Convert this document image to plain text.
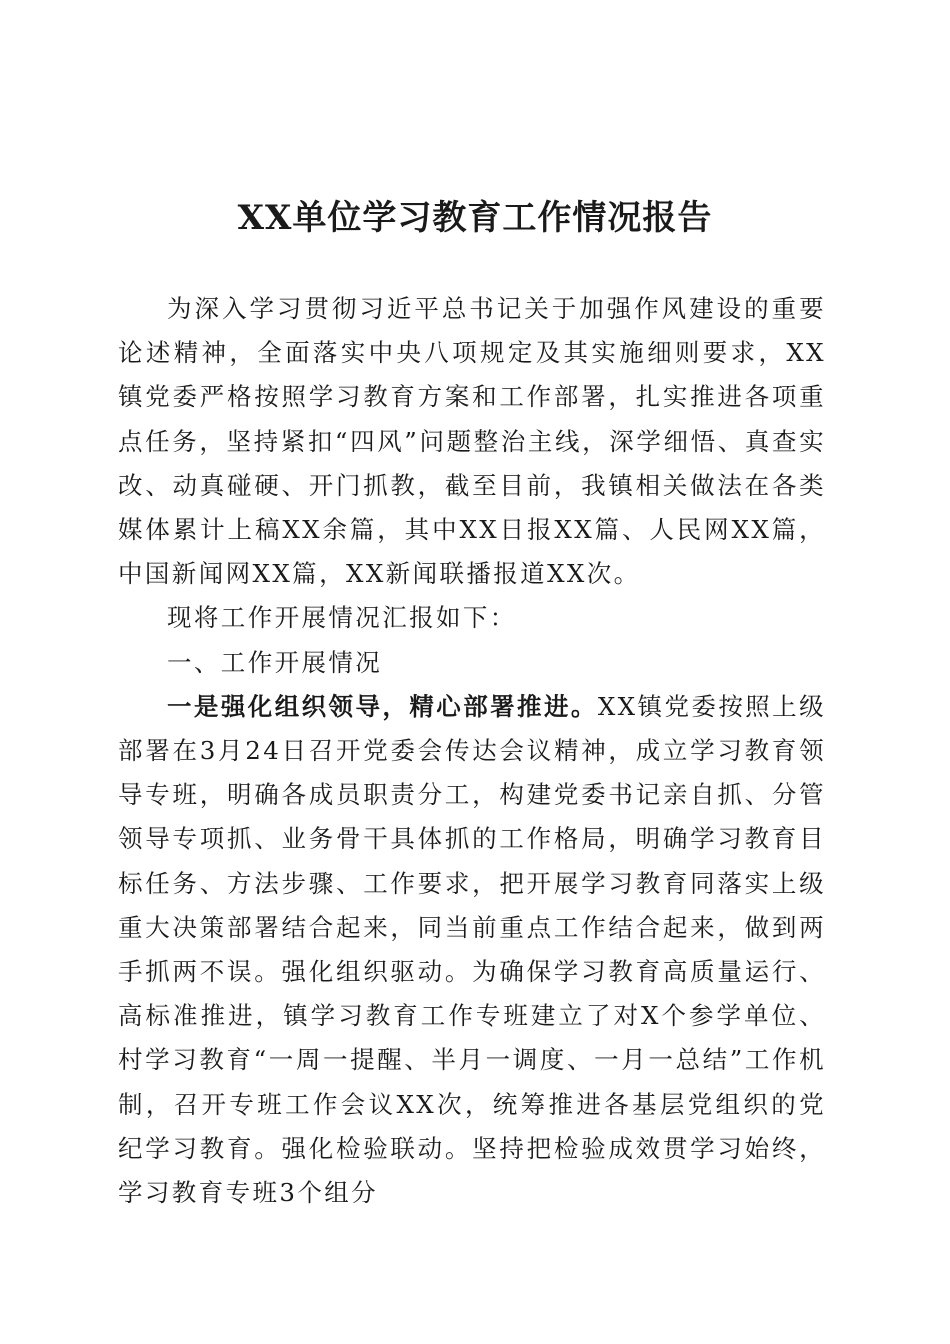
XX单位学习教育工作情况报告

为深入学习贯彻习近平总书记关于加强作风建设的重要论述精神，全面落实中央八项规定及其实施细则要求，XX镇党委严格按照学习教育方案和工作部署，扎实推进各项重点任务，坚持紧扣“四风”问题整治主线，深学细悟、真查实改、动真碰硬、开门抓教，截至目前，我镇相关做法在各类媒体累计上稿XX余篇，其中XX日报XX篇、人民网XX篇，中国新闻网XX篇，XX新闻联播报道XX次。

现将工作开展情况汇报如下：

一、工作开展情况

一是强化组织领导，精心部署推进。XX镇党委按照上级部署在3月24日召开党委会传达会议精神，成立学习教育领导专班，明确各成员职责分工，构建党委书记亲自抓、分管领导专项抓、业务骨干具体抓的工作格局，明确学习教育目标任务、方法步骤、工作要求，把开展学习教育同落实上级重大决策部署结合起来，同当前重点工作结合起来，做到两手抓两不误。强化组织驱动。为确保学习教育高质量运行、高标准推进，镇学习教育工作专班建立了对X个参学单位、村学习教育“一周一提醒、半月一调度、一月一总结”工作机制，召开专班工作会议XX次，统筹推进各基层党组织的党纪学习教育。强化检验联动。坚持把检验成效贯学习始终，学习教育专班3个组分
